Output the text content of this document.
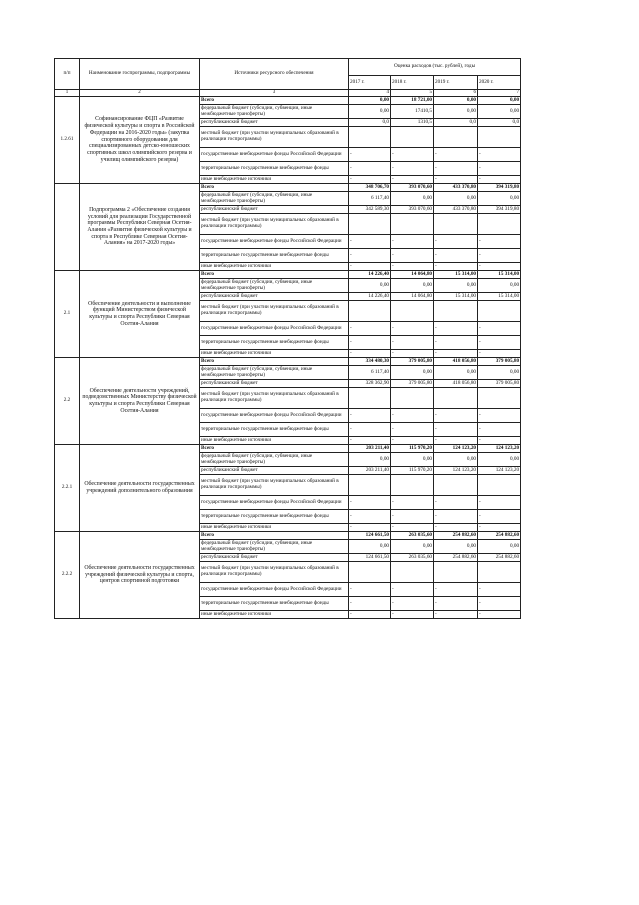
п/п	Наименование госпрограммы, подпрограммы	Источники ресурсного обеспечения	Оценка расходов (тыс. рублей), годы			
			2017 г.	2018 г.	2019 г.	2020 г.
1	2	3	4	5	6	7
1.2.61	Софинансирование ФЦП «Развитие физической культуры и спорта в Российской Федерации на 2016-2020 годы» (закупка спортивного оборудования для специализированных детско-юношеских спортивных школ олимпийского резерва и училищ олимпийского резерва)	Всего	0,00	18 721,00	0,00	0,00
		федеральный бюджет (субсидии, субвенции, иные межбюджетные трансферты)	0,00	17410,5	0,00	0,00
		республиканский бюджет	0,0	1310,5	0,0	0,0
		местный бюджет (при участии муниципальных образований в реализации госпрограммы)				
		государственные внебюджетные фонды Российской Федерации	-	-	-	-
		территориальные государственные внебюджетные фонды	-	-	-	-
		иные внебюджетные источники	-	-	-	-
	Подпрограмма 2 «Обеспечение создания условий для реализации Государственной программы Республики Северная Осетия-Алания «Развитие физической культуры и спорта в Республике Северная Осетия-Алания» на 2017-2020 годы»	Всего	348 706,70	393 070,60	433 370,80	394 319,80
		федеральный бюджет (субсидии, субвенции, иные межбюджетные трансферты)	6 117,40	0,00	0,00	0,00
		республиканский бюджет	342 589,30	393 070,60	433 370,80	394 319,80
		местный бюджет (при участии муниципальных образований в реализации госпрограммы)				
		государственные внебюджетные фонды Российской Федерации	-	-	-	-
		территориальные государственные внебюджетные фонды	-	-	-	-
		иные внебюджетные источники	-	-	-	-
2.1	Обеспечение деятельности и выполнение функций Министерством физической культуры и спорта Республики Северная Осетия-Алания	Всего	14 226,40	14 064,80	15 314,00	15 314,00
		федеральный бюджет (субсидии, субвенции, иные межбюджетные трансферты)	0,00	0,00	0,00	0,00
		республиканский бюджет	14 226,40	14 064,80	15 314,00	15 314,00
		местный бюджет (при участии муниципальных образований в реализации госпрограммы)				
		государственные внебюджетные фонды Российской Федерации	-	-	-	-
		территориальные государственные внебюджетные фонды	-	-	-	-
		иные внебюджетные источники	-	-	-	-
2.2	Обеспечение деятельности учреждений, подведомственных Министерству физической культуры и спорта Республики Северная Осетия-Алания	Всего	334 480,30	379 005,80	418 056,80	379 005,80
		федеральный бюджет (субсидии, субвенции, иные межбюджетные трансферты)	6 117,40	0,00	0,00	0,00
		республиканский бюджет	328 362,90	379 005,80	418 056,80	379 005,80
		местный бюджет (при участии муниципальных образований в реализации госпрограммы)				
		государственные внебюджетные фонды Российской Федерации	-	-	-	-
		территориальные государственные внебюджетные фонды	-	-	-	-
		иные внебюджетные источники	-	-	-	-
2.2.1	Обеспечение деятельности государственных учреждений дополнительного образования	Всего	203 211,40	115 970,20	124 123,20	124 123,20
		федеральный бюджет (субсидии, субвенции, иные межбюджетные трансферты)	0,00	0,00	0,00	0,00
		республиканский бюджет	203 211,40	115 970,20	124 123,20	124 123,20
		местный бюджет (при участии муниципальных образований в реализации госпрограммы)				
		государственные внебюджетные фонды Российской Федерации	-	-	-	-
		территориальные государственные внебюджетные фонды	-	-	-	-
		иные внебюджетные источники	-	-	-	-
2.2.2	Обеспечение деятельности государственных учреждений физической культуры и спорта, центров спортивной подготовки	Всего	124 661,50	263 035,60	254 882,60	254 882,60
		федеральный бюджет (субсидии, субвенции, иные межбюджетные трансферты)	0,00	0,00	0,00	0,00
		республиканский бюджет	124 661,50	263 035,60	254 882,60	254 882,60
		местный бюджет (при участии муниципальных образований в реализации госпрограммы)				
		государственные внебюджетные фонды Российской Федерации	-	-	-	-
		территориальные государственные внебюджетные фонды	-	-	-	-
		иные внебюджетные источники	-	-	-	-
